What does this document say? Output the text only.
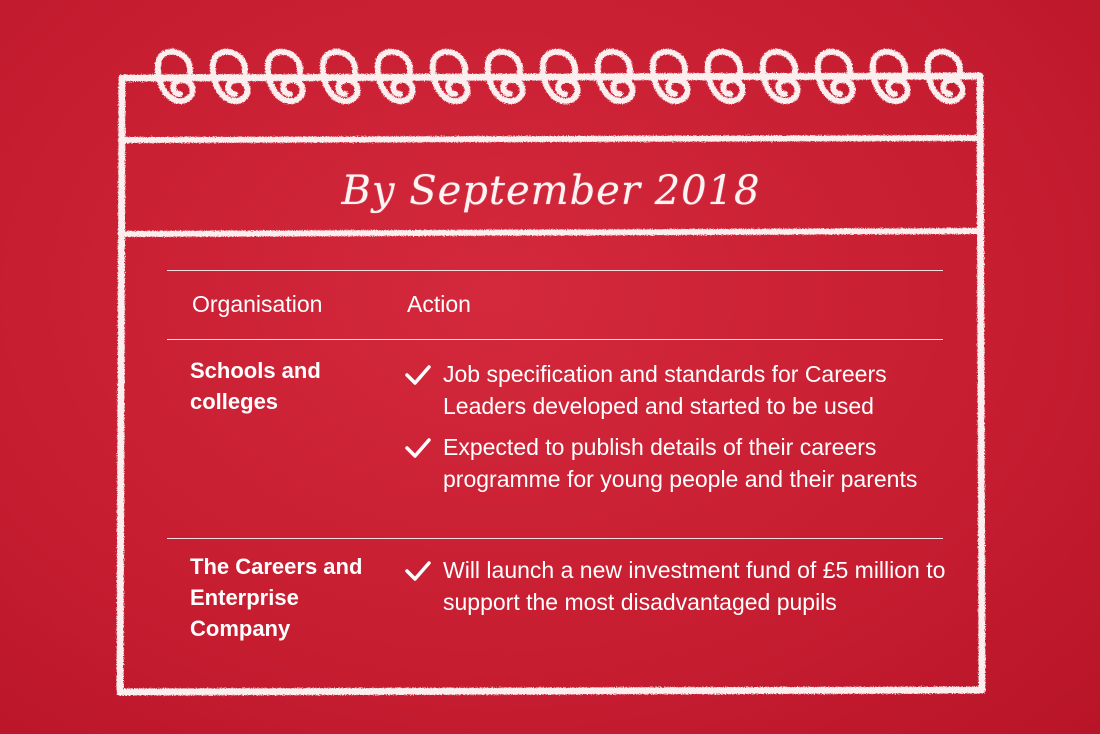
By September 2018
Organisation	Action
Schools and colleges
Job specification and standards for Careers Leaders developed and started to be used
Expected to publish details of their careers programme for young people and their parents
The Careers and Enterprise Company
Will launch a new investment fund of £5 million to support the most disadvantaged pupils
